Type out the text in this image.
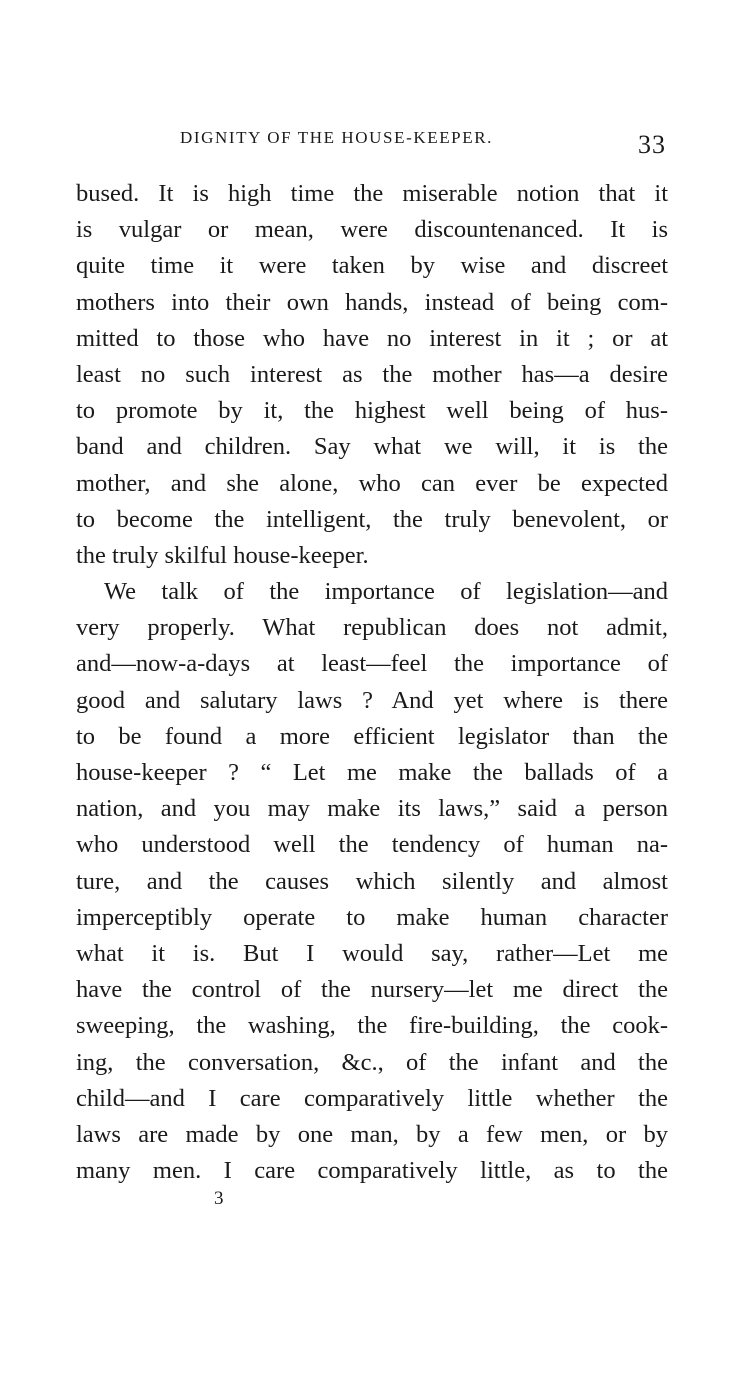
DIGNITY OF THE HOUSE-KEEPER.	33
bused. It is high time the miserable notion that it
is vulgar or mean, were discountenanced. It is
quite time it were taken by wise and discreet
mothers into their own hands, instead of being com-
mitted to those who have no interest in it ; or at
least no such interest as the mother has—a desire
to promote by it, the highest well being of hus-
band and children. Say what we will, it is the
mother, and she alone, who can ever be expected
to become the intelligent, the truly benevolent, or
the truly skilful house-keeper.
We talk of the importance of legislation—and
very properly. What republican does not admit,
and—now-a-days at least—feel the importance of
good and salutary laws ? And yet where is there
to be found a more efficient legislator than the
house-keeper ? “ Let me make the ballads of a
nation, and you may make its laws,” said a person
who understood well the tendency of human na-
ture, and the causes which silently and almost
imperceptibly operate to make human character
what it is. But I would say, rather—Let me
have the control of the nursery—let me direct the
sweeping, the washing, the fire-building, the cook-
ing, the conversation, &c., of the infant and the
child—and I care comparatively little whether the
laws are made by one man, by a few men, or by
many men. I care comparatively little, as to the
3
